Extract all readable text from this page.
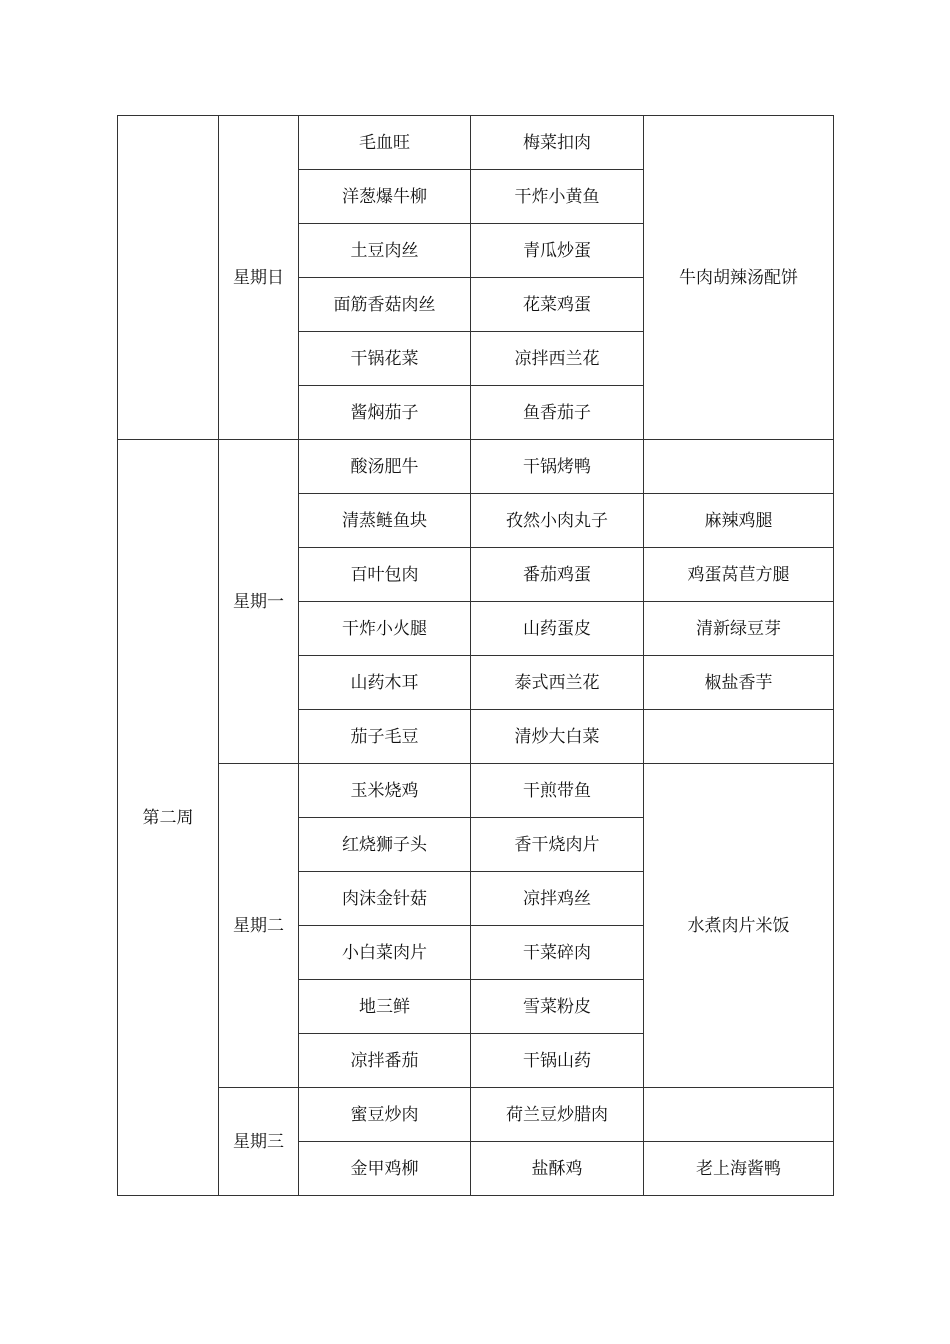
	星期日	毛血旺	梅菜扣肉	牛肉胡辣汤配饼
		洋葱爆牛柳	干炸小黄鱼	
		土豆肉丝	青瓜炒蛋	
		面筋香菇肉丝	花菜鸡蛋	
		干锅花菜	凉拌西兰花	
		酱焖茄子	鱼香茄子	
第二周	星期一	酸汤肥牛	干锅烤鸭	
		清蒸鲢鱼块	孜然小肉丸子	麻辣鸡腿
		百叶包肉	番茄鸡蛋	鸡蛋莴苣方腿
		干炸小火腿	山药蛋皮	清新绿豆芽
		山药木耳	泰式西兰花	椒盐香芋
		茄子毛豆	清炒大白菜	
	星期二	玉米烧鸡	干煎带鱼	水煮肉片米饭
		红烧狮子头	香干烧肉片	
		肉沫金针菇	凉拌鸡丝	
		小白菜肉片	干菜碎肉	
		地三鲜	雪菜粉皮	
		凉拌番茄	干锅山药	
	星期三	蜜豆炒肉	荷兰豆炒腊肉	
		金甲鸡柳	盐酥鸡	老上海酱鸭
